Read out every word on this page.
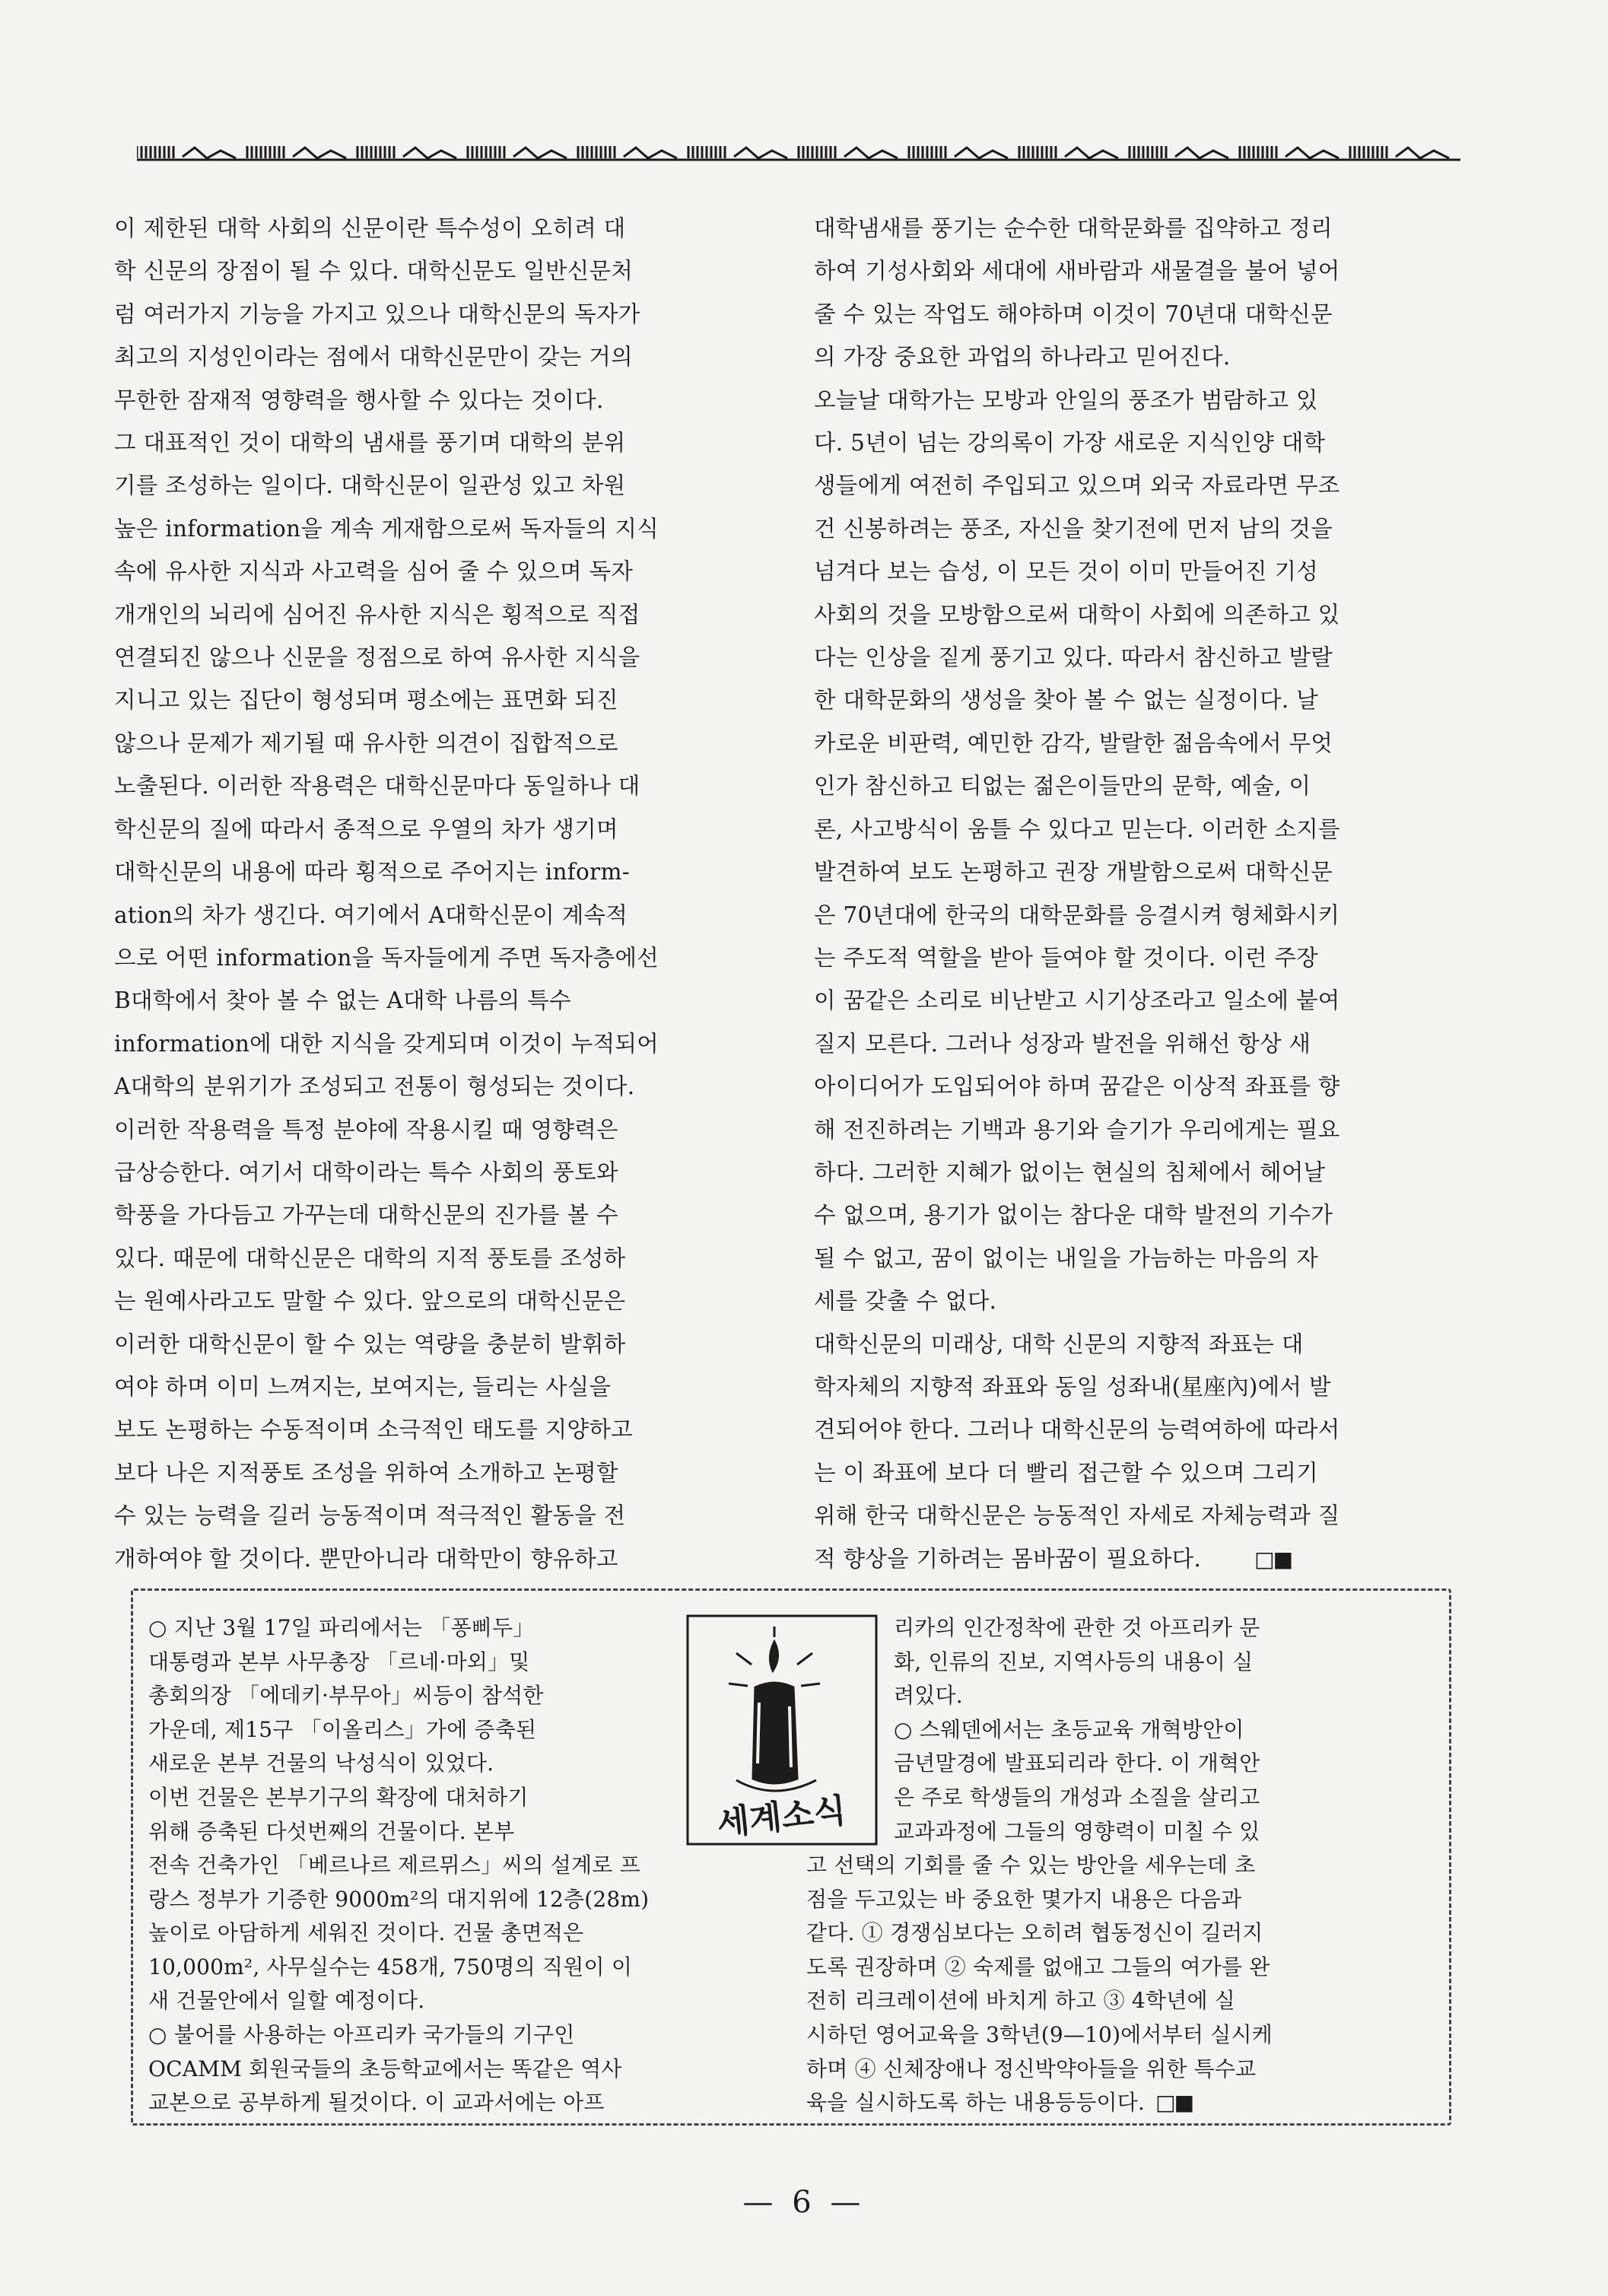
이 제한된 대학 사회의 신문이란 특수성이 오히려 대
학 신문의 장점이 될 수 있다. 대학신문도 일반신문처
럼 여러가지 기능을 가지고 있으나 대학신문의 독자가
최고의 지성인이라는 점에서 대학신문만이 갖는 거의
무한한 잠재적 영향력을 행사할 수 있다는 것이다.
그 대표적인 것이 대학의 냄새를 풍기며 대학의 분위
기를 조성하는 일이다. 대학신문이 일관성 있고 차원
높은 information을 계속 게재함으로써 독자들의 지식
속에 유사한 지식과 사고력을 심어 줄 수 있으며 독자
개개인의 뇌리에 심어진 유사한 지식은 횡적으로 직접
연결되진 않으나 신문을 정점으로 하여 유사한 지식을
지니고 있는 집단이 형성되며 평소에는 표면화 되진
않으나 문제가 제기될 때 유사한 의견이 집합적으로
노출된다. 이러한 작용력은 대학신문마다 동일하나 대
학신문의 질에 따라서 종적으로 우열의 차가 생기며
대학신문의 내용에 따라 횡적으로 주어지는 inform-
ation의 차가 생긴다. 여기에서 A대학신문이 계속적
으로 어떤 information을 독자들에게 주면 독자층에선
B대학에서 찾아 볼 수 없는 A대학 나름의 특수
information에 대한 지식을 갖게되며 이것이 누적되어
A대학의 분위기가 조성되고 전통이 형성되는 것이다.
이러한 작용력을 특정 분야에 작용시킬 때 영향력은
급상승한다. 여기서 대학이라는 특수 사회의 풍토와
학풍을 가다듬고 가꾸는데 대학신문의 진가를 볼 수
있다. 때문에 대학신문은 대학의 지적 풍토를 조성하
는 원예사라고도 말할 수 있다. 앞으로의 대학신문은
이러한 대학신문이 할 수 있는 역량을 충분히 발휘하
여야 하며 이미 느껴지는, 보여지는, 들리는 사실을
보도 논평하는 수동적이며 소극적인 태도를 지양하고
보다 나은 지적풍토 조성을 위하여 소개하고 논평할
수 있는 능력을 길러 능동적이며 적극적인 활동을 전
개하여야 할 것이다. 뿐만아니라 대학만이 향유하고

대학냄새를 풍기는 순수한 대학문화를 집약하고 정리
하여 기성사회와 세대에 새바람과 새물결을 불어 넣어
줄 수 있는 작업도 해야하며 이것이 70년대 대학신문
의 가장 중요한 과업의 하나라고 믿어진다.

오늘날 대학가는 모방과 안일의 풍조가 범람하고 있
다. 5년이 넘는 강의록이 가장 새로운 지식인양 대학
생들에게 여전히 주입되고 있으며 외국 자료라면 무조
건 신봉하려는 풍조, 자신을 찾기전에 먼저 남의 것을
넘겨다 보는 습성, 이 모든 것이 이미 만들어진 기성
사회의 것을 모방함으로써 대학이 사회에 의존하고 있
다는 인상을 짙게 풍기고 있다. 따라서 참신하고 발랄
한 대학문화의 생성을 찾아 볼 수 없는 실정이다. 날
카로운 비판력, 예민한 감각, 발랄한 젊음속에서 무엇
인가 참신하고 티없는 젊은이들만의 문학, 예술, 이
론, 사고방식이 움틀 수 있다고 믿는다. 이러한 소지를
발견하여 보도 논평하고 권장 개발함으로써 대학신문
은 70년대에 한국의 대학문화를 응결시켜 형체화시키
는 주도적 역할을 받아 들여야 할 것이다. 이런 주장
이 꿈같은 소리로 비난받고 시기상조라고 일소에 붙여
질지 모른다. 그러나 성장과 발전을 위해선 항상 새
아이디어가 도입되어야 하며 꿈같은 이상적 좌표를 향
해 전진하려는 기백과 용기와 슬기가 우리에게는 필요
하다. 그러한 지혜가 없이는 현실의 침체에서 헤어날
수 없으며, 용기가 없이는 참다운 대학 발전의 기수가
될 수 없고, 꿈이 없이는 내일을 가늠하는 마음의 자
세를 갖출 수 없다.

대학신문의 미래상, 대학 신문의 지향적 좌표는 대
학자체의 지향적 좌표와 동일 성좌내(星座內)에서 발
견되어야 한다. 그러나 대학신문의 능력여하에 따라서
는 이 좌표에 보다 더 빨리 접근할 수 있으며 그리기
위해 한국 대학신문은 능동적인 자세로 자체능력과 질
적 향상을 기하려는 몸바꿈이 필요하다.	□■

세계소식
○ 지난 3월 17일 파리에서는 「퐁삐두」
대통령과 본부 사무총장 「르네·마외」및
총회의장 「에데키·부무아」씨등이 참석한
가운데, 제15구 「이올리스」가에 증축된
새로운 본부 건물의 낙성식이 있었다.
이번 건물은 본부기구의 확장에 대처하기
위해 증축된 다섯번째의 건물이다. 본부
리카의 인간정착에 관한 것 아프리카 문
화, 인류의 진보, 지역사등의 내용이 실
려있다.
○ 스웨덴에서는 초등교육 개혁방안이
금년말경에 발표되리라 한다. 이 개혁안
은 주로 학생들의 개성과 소질을 살리고
교과과정에 그들의 영향력이 미칠 수 있
전속 건축가인 「베르나르 제르뮈스」씨의 설계로 프
랑스 정부가 기증한 9000m²의 대지위에 12층(28m)
높이로 아담하게 세워진 것이다. 건물 총면적은
10,000m², 사무실수는 458개, 750명의 직원이 이
새 건물안에서 일할 예정이다.
○ 불어를 사용하는 아프리카 국가들의 기구인
OCAMM 회원국들의 초등학교에서는 똑같은 역사
교본으로 공부하게 될것이다. 이 교과서에는 아프
고 선택의 기회를 줄 수 있는 방안을 세우는데 초
점을 두고있는 바 중요한 몇가지 내용은 다음과
같다. ① 경쟁심보다는 오히려 협동정신이 길러지
도록 권장하며 ② 숙제를 없애고 그들의 여가를 완
전히 리크레이션에 바치게 하고 ③ 4학년에 실
시하던 영어교육을 3학년(9—10)에서부터 실시케
하며 ④ 신체장애나 정신박약아들을 위한 특수교
육을 실시하도록 하는 내용등등이다. □■
— 6 —
